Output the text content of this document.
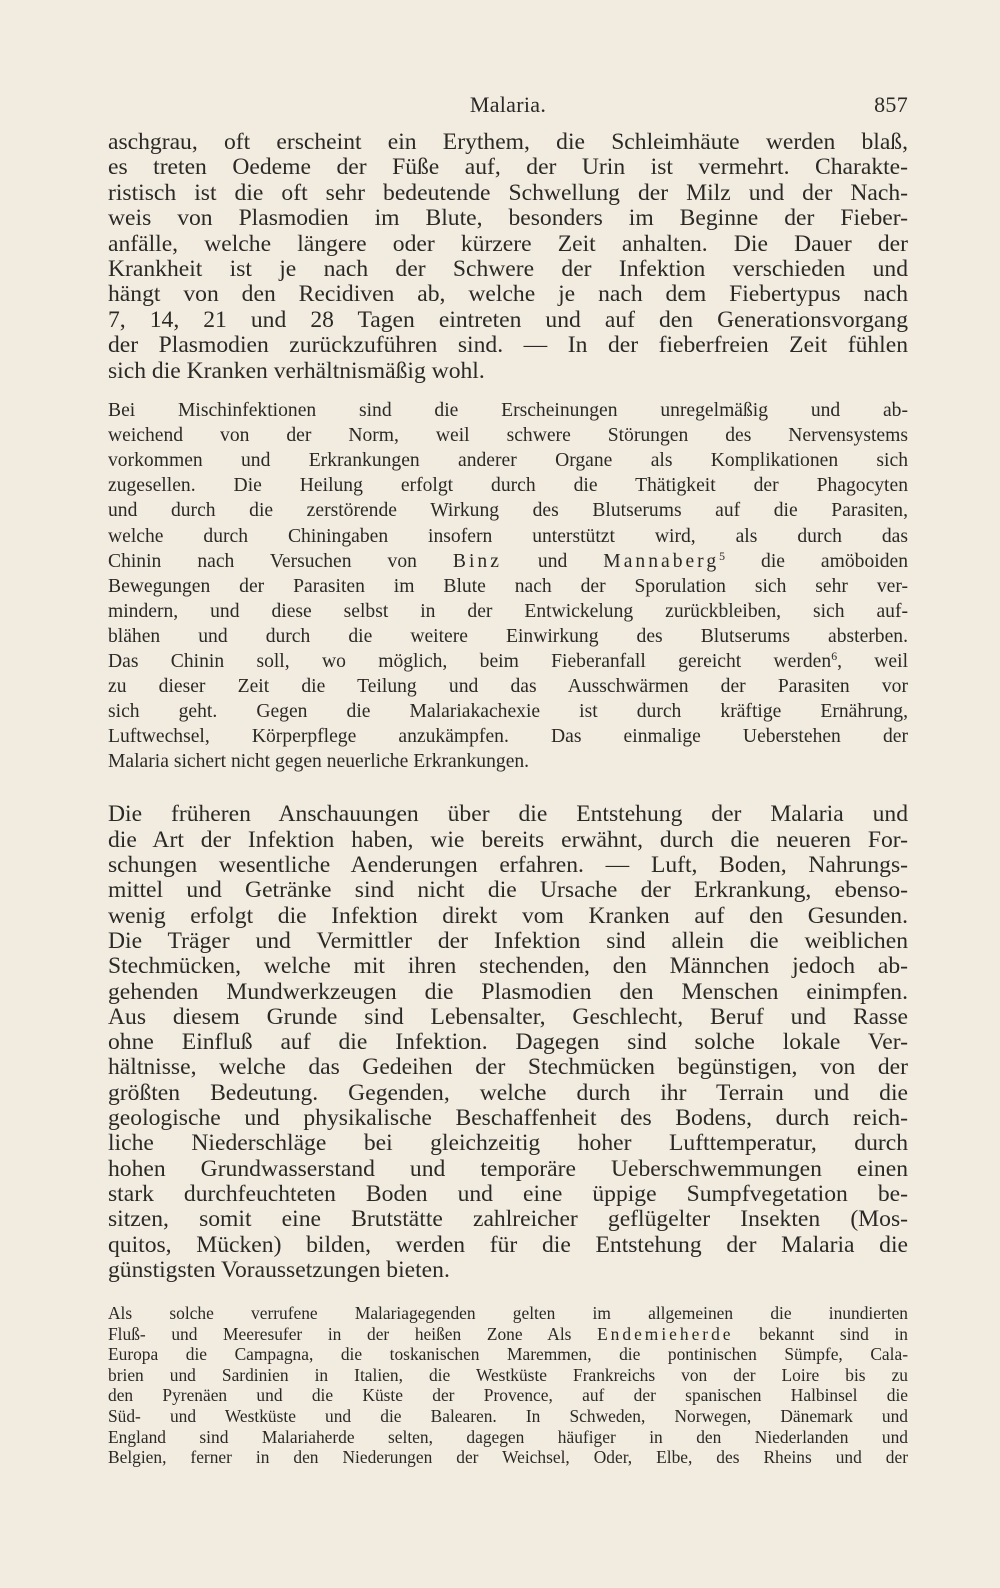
Malaria.	857

aschgrau, oft erscheint ein Erythem, die Schleimhäute werden blaß,
es treten Oedeme der Füße auf, der Urin ist vermehrt. Charakte-
ristisch ist die oft sehr bedeutende Schwellung der Milz und der Nach-
weis von Plasmodien im Blute, besonders im Beginne der Fieber-
anfälle, welche längere oder kürzere Zeit anhalten. Die Dauer der
Krankheit ist je nach der Schwere der Infektion verschieden und
hängt von den Recidiven ab, welche je nach dem Fiebertypus nach
7, 14, 21 und 28 Tagen eintreten und auf den Generationsvorgang
der Plasmodien zurückzuführen sind. — In der fieberfreien Zeit fühlen
sich die Kranken verhältnismäßig wohl.

Bei Mischinfektionen sind die Erscheinungen unregelmäßig und ab-
weichend von der Norm, weil schwere Störungen des Nervensystems
vorkommen und Erkrankungen anderer Organe als Komplikationen sich
zugesellen. Die Heilung erfolgt durch die Thätigkeit der Phagocyten
und durch die zerstörende Wirkung des Blutserums auf die Parasiten,
welche durch Chiningaben insofern unterstützt wird, als durch das
Chinin nach Versuchen von Binz und Mannaberg$^5$ die amöboiden
Bewegungen der Parasiten im Blute nach der Sporulation sich sehr ver-
mindern, und diese selbst in der Entwickelung zurückbleiben, sich auf-
blähen und durch die weitere Einwirkung des Blutserums absterben.
Das Chinin soll, wo möglich, beim Fieberanfall gereicht werden$^6$, weil
zu dieser Zeit die Teilung und das Ausschwärmen der Parasiten vor
sich geht. Gegen die Malariakachexie ist durch kräftige Ernährung,
Luftwechsel, Körperpflege anzukämpfen. Das einmalige Ueberstehen der
Malaria sichert nicht gegen neuerliche Erkrankungen.

Die früheren Anschauungen über die Entstehung der Malaria und
die Art der Infektion haben, wie bereits erwähnt, durch die neueren For-
schungen wesentliche Aenderungen erfahren. — Luft, Boden, Nahrungs-
mittel und Getränke sind nicht die Ursache der Erkrankung, ebenso-
wenig erfolgt die Infektion direkt vom Kranken auf den Gesunden.
Die Träger und Vermittler der Infektion sind allein die weiblichen
Stechmücken, welche mit ihren stechenden, den Männchen jedoch ab-
gehenden Mundwerkzeugen die Plasmodien den Menschen einimpfen.
Aus diesem Grunde sind Lebensalter, Geschlecht, Beruf und Rasse
ohne Einfluß auf die Infektion. Dagegen sind solche lokale Ver-
hältnisse, welche das Gedeihen der Stechmücken begünstigen, von der
größten Bedeutung. Gegenden, welche durch ihr Terrain und die
geologische und physikalische Beschaffenheit des Bodens, durch reich-
liche Niederschläge bei gleichzeitig hoher Lufttemperatur, durch
hohen Grundwasserstand und temporäre Ueberschwemmungen einen
stark durchfeuchteten Boden und eine üppige Sumpfvegetation be-
sitzen, somit eine Brutstätte zahlreicher geflügelter Insekten (Mos-
quitos, Mücken) bilden, werden für die Entstehung der Malaria die
günstigsten Voraussetzungen bieten.

Als solche verrufene Malariagegenden gelten im allgemeinen die inundierten
Fluß- und Meeresufer in der heißen Zone Als Endemieherde bekannt sind in
Europa die Campagna, die toskanischen Maremmen, die pontinischen Sümpfe, Cala-
brien und Sardinien in Italien, die Westküste Frankreichs von der Loire bis zu
den Pyrenäen und die Küste der Provence, auf der spanischen Halbinsel die
Süd- und Westküste und die Balearen. In Schweden, Norwegen, Dänemark und
England sind Malariaherde selten, dagegen häufiger in den Niederlanden und
Belgien, ferner in den Niederungen der Weichsel, Oder, Elbe, des Rheins und der
